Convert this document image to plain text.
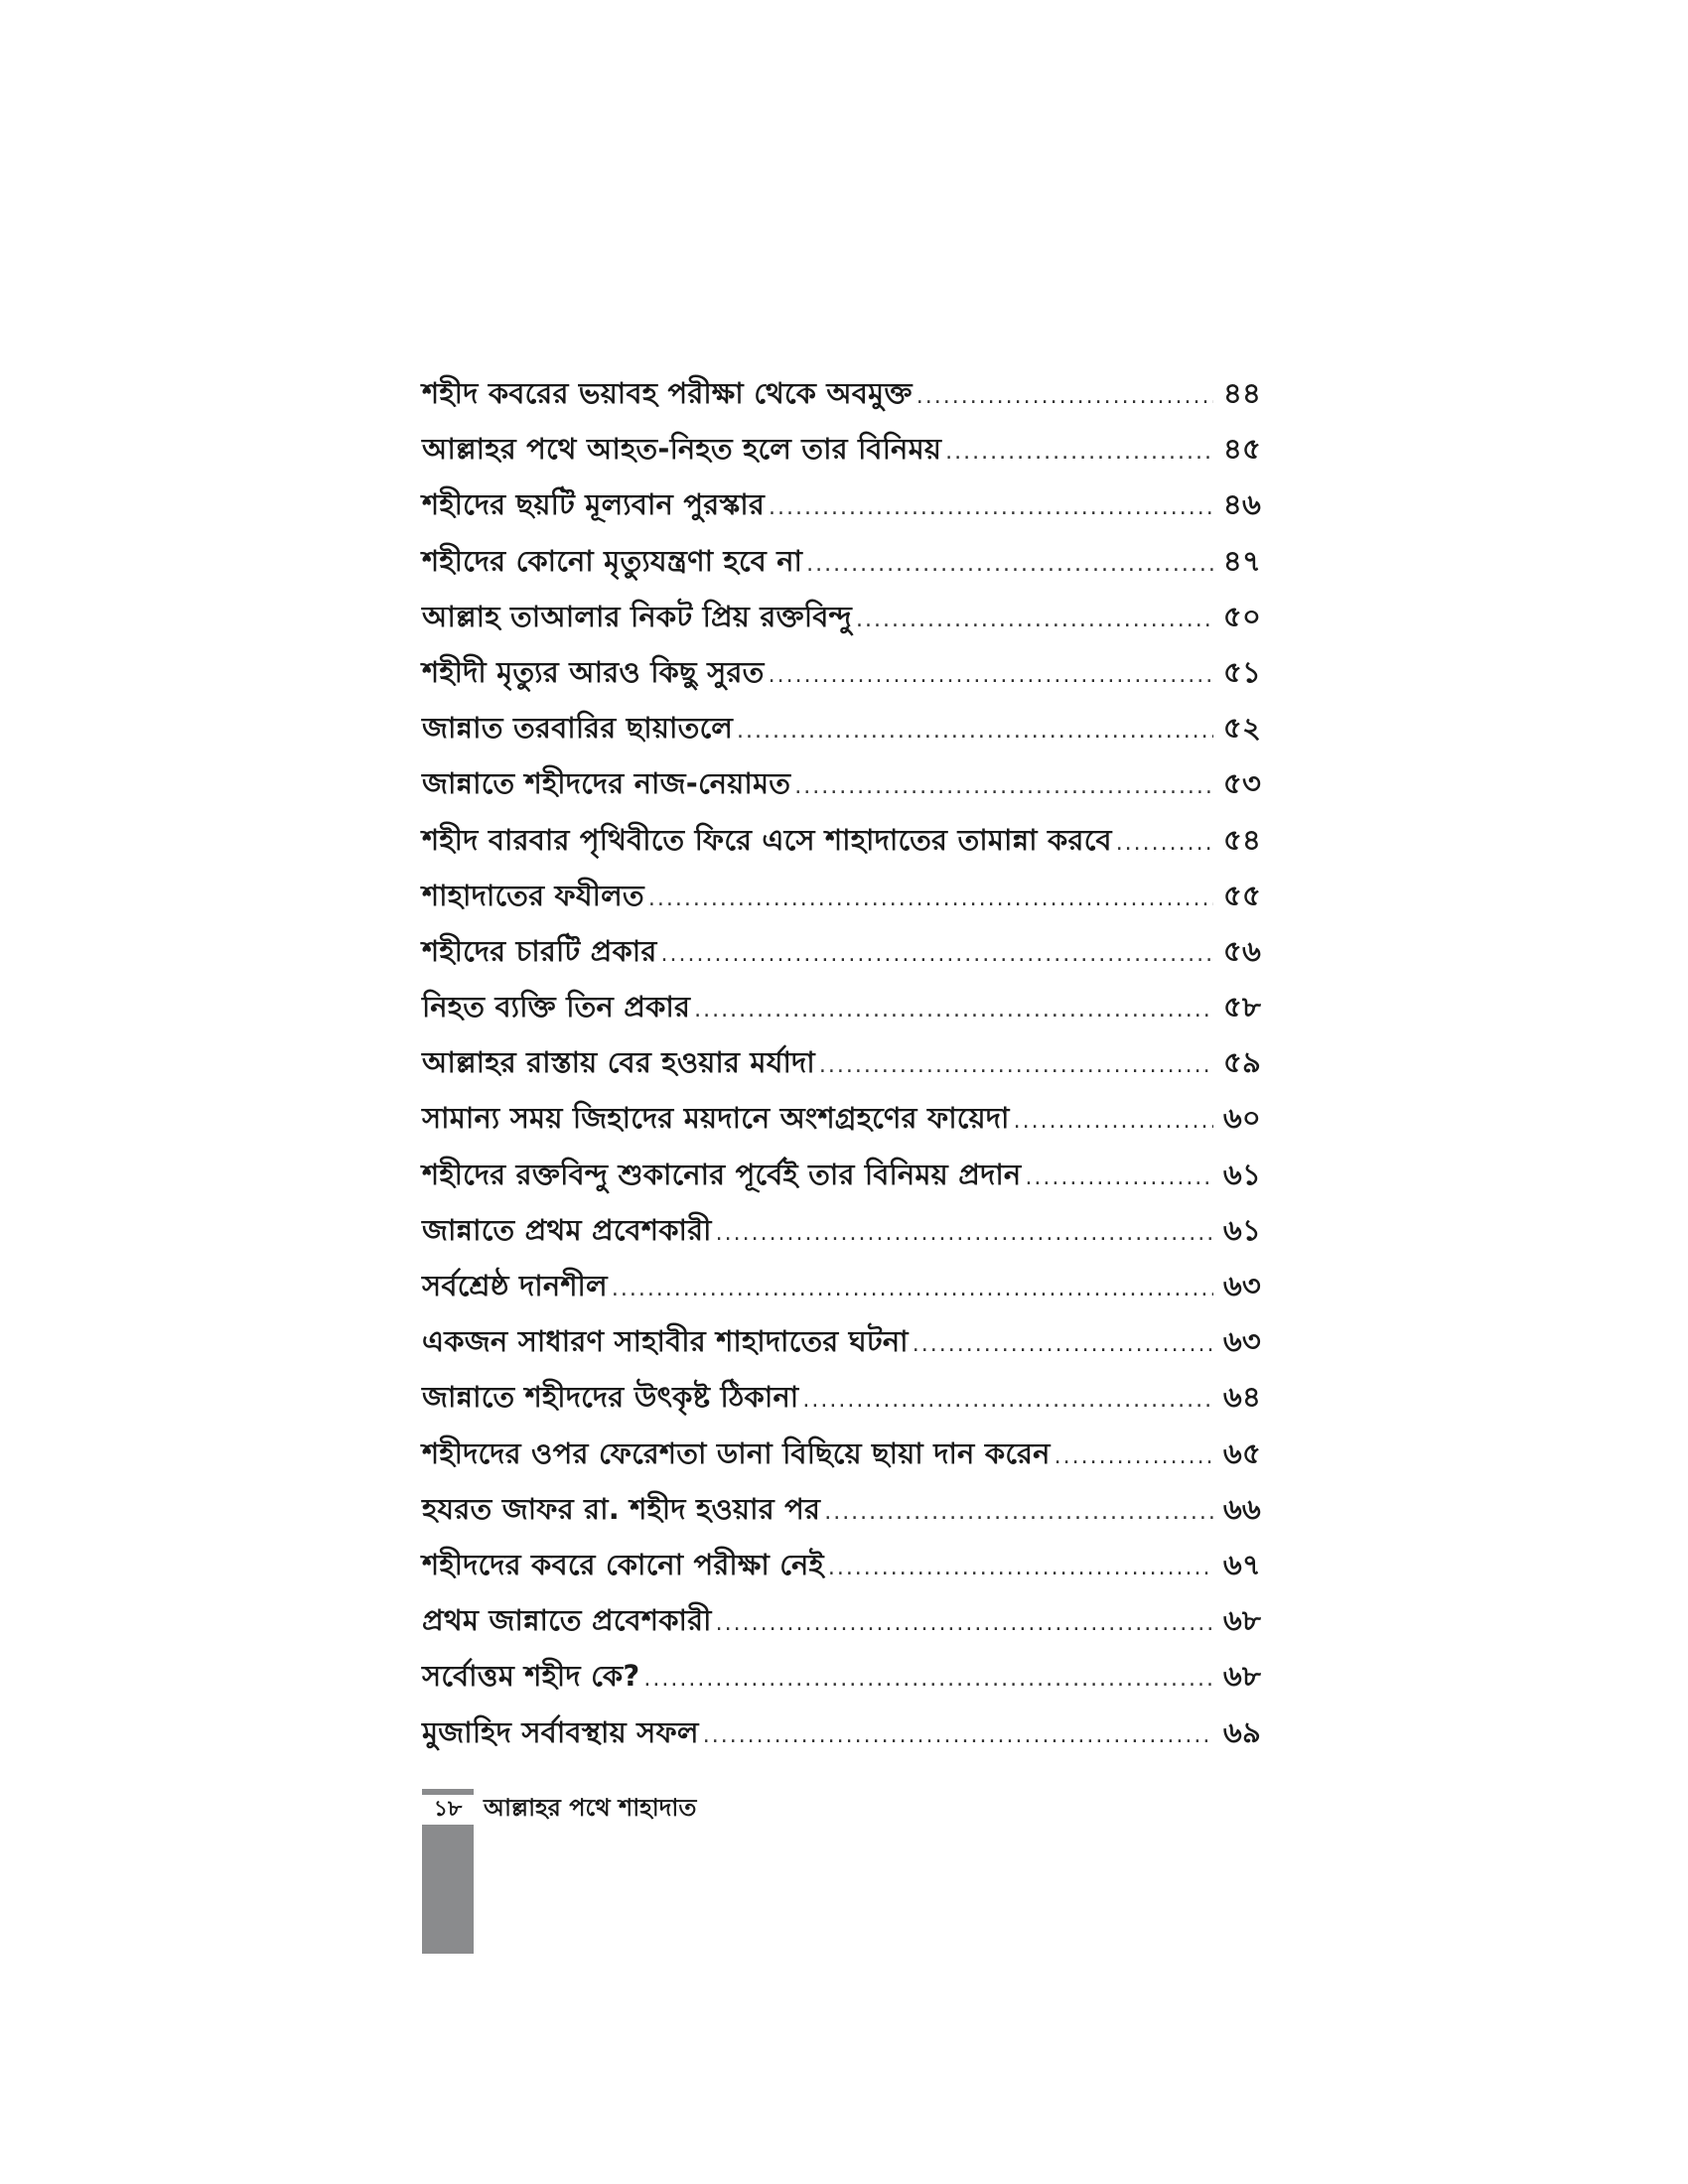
শহীদ কবরের ভয়াবহ পরীক্ষা থেকে অবমুক্ত .....	৪৪
আল্লাহর পথে আহত-নিহত হলে তার বিনিময় .....	৪৫
শহীদের ছয়টি মূল্যবান পুরস্কার .....	৪৬
শহীদের কোনো মৃত্যুযন্ত্রণা হবে না .....	৪৭
আল্লাহ তাআলার নিকট প্রিয় রক্তবিন্দু .....	৫০
শহীদী মৃত্যুর আরও কিছু সুরত .....	৫১
জান্নাত তরবারির ছায়াতলে .....	৫২
জান্নাতে শহীদদের নাজ-নেয়ামত .....	৫৩
শহীদ বারবার পৃথিবীতে ফিরে এসে শাহাদাতের তামান্না করবে .....	৫৪
শাহাদাতের ফযীলত .....	৫৫
শহীদের চারটি প্রকার .....	৫৬
নিহত ব্যক্তি তিন প্রকার .....	৫৮
আল্লাহর রাস্তায় বের হওয়ার মর্যাদা .....	৫৯
সামান্য সময় জিহাদের ময়দানে অংশগ্রহণের ফায়েদা .....	৬০
শহীদের রক্তবিন্দু শুকানোর পূর্বেই তার বিনিময় প্রদান .....	৬১
জান্নাতে প্রথম প্রবেশকারী .....	৬১
সর্বশ্রেষ্ঠ দানশীল .....	৬৩
একজন সাধারণ সাহাবীর শাহাদাতের ঘটনা .....	৬৩
জান্নাতে শহীদদের উৎকৃষ্ট ঠিকানা .....	৬৪
শহীদদের ওপর ফেরেশতা ডানা বিছিয়ে ছায়া দান করেন .....	৬৫
হযরত জাফর রা. শহীদ হওয়ার পর .....	৬৬
শহীদদের কবরে কোনো পরীক্ষা নেই .....	৬৭
প্রথম জান্নাতে প্রবেশকারী .....	৬৮
সর্বোত্তম শহীদ কে? .....	৬৮
মুজাহিদ সর্বাবস্থায় সফল .....	৬৯
১৮ আল্লাহর পথে শাহাদাত
